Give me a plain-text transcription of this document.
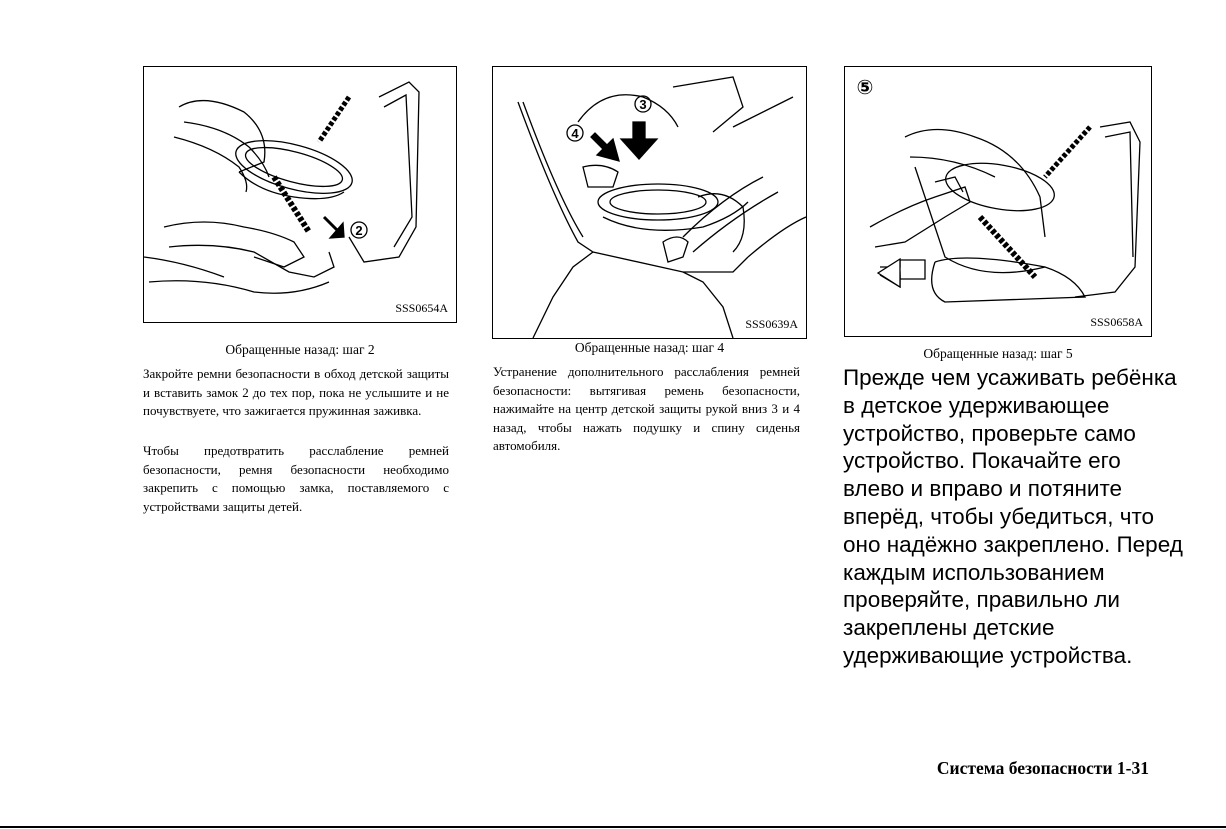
2
SSS0654A
3
4
SSS0639A
⑤
SSS0658A
Обращенные назад: шаг 2

Закройте ремни безопасности в обход детской защиты и вставить замок 2 до тех пор, пока не услышите и не почувствуете, что зажигается пружинная заживка.

Чтобы предотвратить расслабление ремней безопасности, ремня безопасности необходимо закрепить с помощью замка, поставляемого с устройствами защиты детей.

Обращенные назад: шаг 4

Устранение дополнительного расслабления ремней безопасности: вытягивая ремень безопасности, нажимайте на центр детской защиты рукой вниз 3 и 4 назад, чтобы нажать подушку и спину сиденья автомобиля.

Обращенные назад: шаг 5

Прежде чем усаживать ребёнка в детское удерживающее устройство, проверьте само устройство. Покачайте его влево и вправо и потяните вперёд, чтобы убедиться, что оно надёжно закреплено. Перед каждым использованием проверяйте, правильно ли закреплены детские удерживающие устройства.

Система безопасности 1-31
